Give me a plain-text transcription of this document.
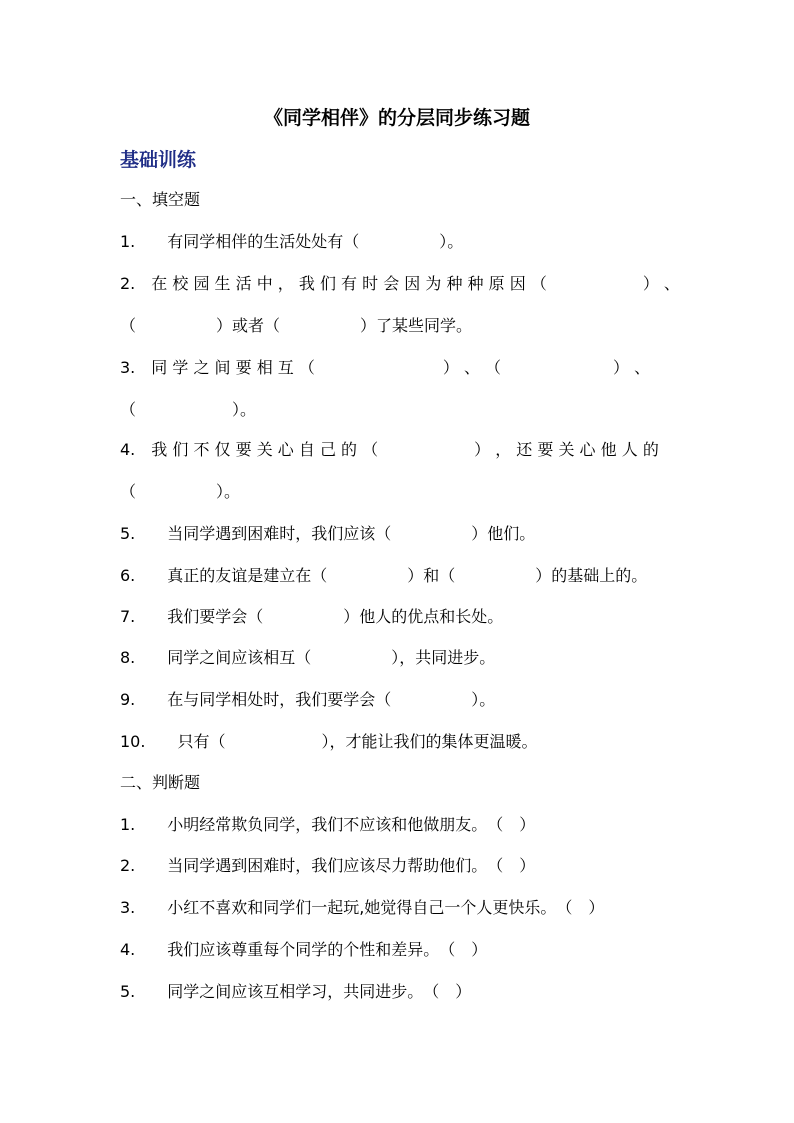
《同学相伴》的分层同步练习题
基础训练
一、填空题
1.　　有同学相伴的生活处处有（　　　　　）。
2.　在 校 园 生 活 中 ， 我 们 有 时 会 因 为 种 种 原 因 （　　　　　　） 、
（　　　　　）或者（　　　　　）了某些同学。
3.　同 学 之 间 要 相 互 （　　　　　　　　） 、 （　　　　　　　） 、
（　　　　　　）。
4.　我 们 不 仅 要 关 心 自 己 的 （　　　　　　） ， 还 要 关 心 他 人 的
（　　　　　）。
5.　　当同学遇到困难时，我们应该（　　　　　）他们。
6.　　真正的友谊是建立在（　　　　　）和（　　　　　）的基础上的。
7.　　我们要学会（　　　　　）他人的优点和长处。
8.　　同学之间应该相互（　　　　　），共同进步。
9.　　在与同学相处时，我们要学会（　　　　　）。
10.　　只有（　　　　　　），才能让我们的集体更温暖。
二、判断题
1.　　小明经常欺负同学，我们不应该和他做朋友。　（　）
2.　　当同学遇到困难时，我们应该尽力帮助他们。　（　）
3.　　小红不喜欢和同学们一起玩,她觉得自己一个人更快乐。　（　）
4.　　我们应该尊重每个同学的个性和差异。　（　）
5.　　同学之间应该互相学习，共同进步。　（　）
